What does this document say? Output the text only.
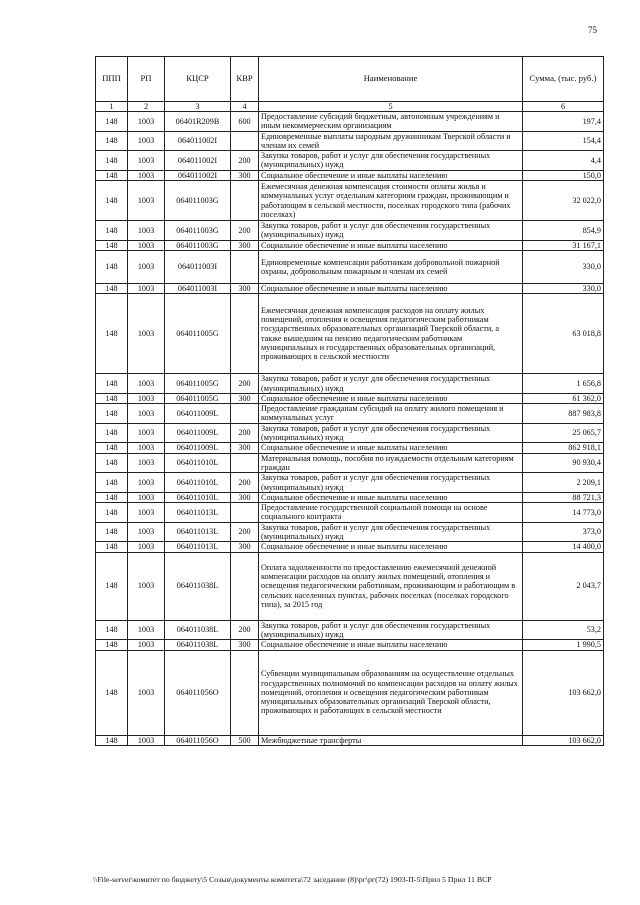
75
ППП	РП	КЦСР	КВР	Наименование	Сумма, (тыс. руб.)
1	2	3	4	5	6
148	1003	06401R209В	600	Предоставление субсидий бюджетным, автономным учреждениям и иным некоммерческим организациям	197,4
148	1003	064011002I		Единовременные выплаты народным дружинникам Тверской области и членам их семей	154,4
148	1003	064011002I	200	Закупка товаров, работ и услуг для обеспечения государственных (муниципальных) нужд	4,4
148	1003	064011002I	300	Социальное обеспечение и иные выплаты населению	150,0
148	1003	064011003G		Ежемесячная денежная компенсация стоимости оплаты жилья и коммунальных услуг отдельным категориям граждан, проживающим и работающим в сельской местности, поселках городского типа (рабочих поселках)	32 022,0
148	1003	064011003G	200	Закупка товаров, работ и услуг для обеспечения государственных (муниципальных) нужд	854,9
148	1003	064011003G	300	Социальное обеспечение и иные выплаты населению	31 167,1
148	1003	064011003I		Единовременные компенсации работникам добровольной пожарной охраны, добровольным пожарным и членам их семей	330,0
148	1003	064011003I	300	Социальное обеспечение и иные выплаты населению	330,0
148	1003	064011005G		Ежемесячная денежная компенсация расходов на оплату жилых помещений, отопления и освещения педагогическим работникам государственных образовательных организаций Тверской области, а также вышедшим на пенсию педагогическим работникам муниципальных и государственных образовательных организаций, проживающих в сельской местности	63 018,8
148	1003	064011005G	200	Закупка товаров, работ и услуг для обеспечения государственных (муниципальных) нужд	1 656,8
148	1003	064011005G	300	Социальное обеспечение и иные выплаты населению	61 362,0
148	1003	064011009L		Предоставление гражданам субсидий на оплату жилого помещения и коммунальных услуг	887 983,8
148	1003	064011009L	200	Закупка товаров, работ и услуг для обеспечения государственных (муниципальных) нужд	25 065,7
148	1003	064011009L	300	Социальное обеспечение и иные выплаты населению	862 918,1
148	1003	064011010L		Материальная помощь, пособия по нуждаемости отдельным категориям граждан	90 930,4
148	1003	064011010L	200	Закупка товаров, работ и услуг для обеспечения государственных (муниципальных) нужд	2 209,1
148	1003	064011010L	300	Социальное обеспечение и иные выплаты населению	88 721,3
148	1003	064011013L		Предоставление государственной социальной помощи на основе социального контракта	14 773,0
148	1003	064011013L	200	Закупка товаров, работ и услуг для обеспечения государственных (муниципальных) нужд	373,0
148	1003	064011013L	300	Социальное обеспечение и иные выплаты населению	14 400,0
148	1003	064011038L		Оплата задолженности по предоставлению ежемесячной денежной компенсации расходов на оплату жилых помещений, отопления и освещения педагогическим работникам, проживающим и работающим в сельских населенных пунктах, рабочих поселках (поселках городского типа), за 2015 год	2 043,7
148	1003	064011038L	200	Закупка товаров, работ и услуг для обеспечения государственных (муниципальных) нужд	53,2
148	1003	064011038L	300	Социальное обеспечение и иные выплаты населению	1 990,5
148	1003	064011056O		Субвенции муниципальным образованиям на осуществление отдельных государственных полномочий по компенсации расходов на оплату жилых помещений, отопления и освещения педагогическим работникам муниципальных образовательных организаций Тверской области, проживающих и работающих в сельской местности	103 662,0
148	1003	064011056O	500	Межбюджетные трансферты	103 662,0
\\File-server\комитет по бюджету\5 Созыв\документы комитета\72 заседание (8)\рг\рг(72) 1903-П-5\Прил 5 Прил 11 ВСР
